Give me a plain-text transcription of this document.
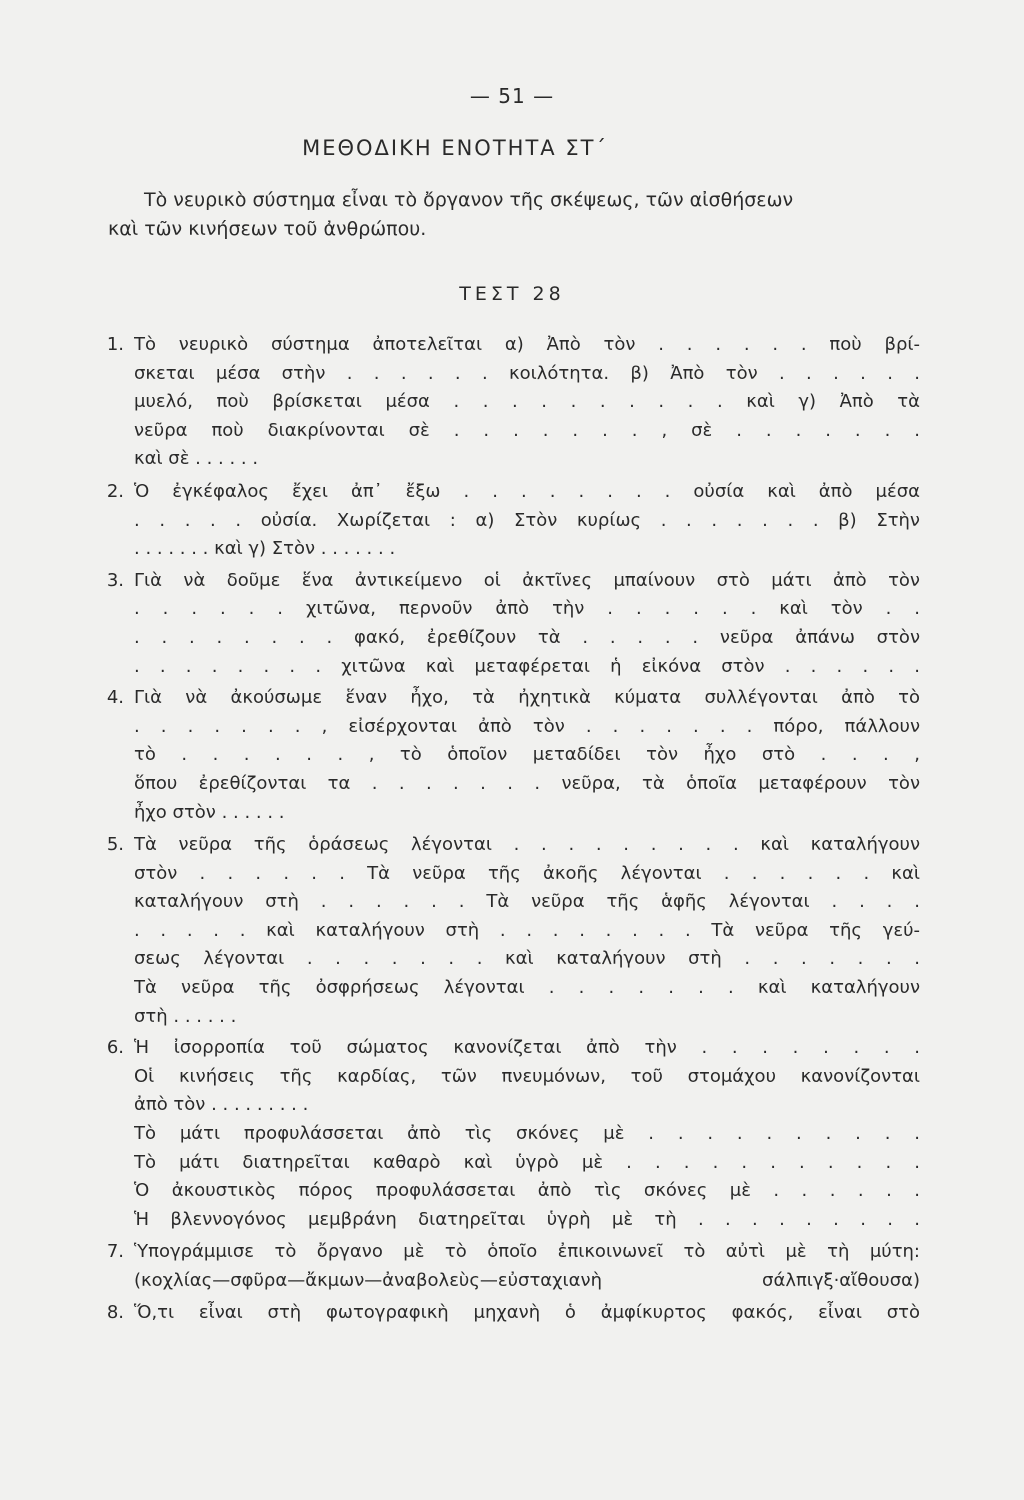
— 51 —
ΜΕΘΟΔΙΚΗ ΕΝΟΤΗΤΑ ΣΤ΄
Τὸ νευρικὸ σύστημα εἶναι τὸ ὄργανον τῆς σκέψεως, τῶν αἰσθήσεων
καὶ τῶν κινήσεων τοῦ ἀνθρώπου.
ΤΕΣΤ 28
1. Τὸ νευρικὸ σύστημα ἀποτελεῖται α) Ἀπὸ τὸν . . . . . . ποὺ βρί-
σκεται μέσα στὴν . . . . . . κοιλότητα. β) Ἀπὸ τὸν . . . . . .
μυελό, ποὺ βρίσκεται μέσα . . . . . . . . . . καὶ γ) Ἀπὸ τὰ
νεῦρα ποὺ διακρίνονται σὲ . . . . . . . , σὲ . . . . . . .
καὶ σὲ . . . . . .
2. Ὁ ἐγκέφαλος ἔχει ἀπ᾽ ἔξω . . . . . . . . οὐσία καὶ ἀπὸ μέσα
. . . . . οὐσία. Χωρίζεται : α) Στὸν κυρίως . . . . . . . β) Στὴν
. . . . . . . καὶ γ) Στὸν . . . . . . .
3. Γιὰ νὰ δοῦμε ἕνα ἀντικείμενο οἱ ἀκτῖνες μπαίνουν στὸ μάτι ἀπὸ τὸν
. . . . . . χιτῶνα, περνοῦν ἀπὸ τὴν . . . . . . καὶ τὸν . .
. . . . . . . . φακό, ἐρεθίζουν τὰ . . . . . νεῦρα ἀπάνω στὸν
. . . . . . . . χιτῶνα καὶ μεταφέρεται ἡ εἰκόνα στὸν . . . . . .
4. Γιὰ νὰ ἀκούσωμε ἕναν ἦχο, τὰ ἠχητικὰ κύματα συλλέγονται ἀπὸ τὸ
. . . . . . . , εἰσέρχονται ἀπὸ τὸν . . . . . . . πόρο, πάλλουν
τὸ . . . . . . , τὸ ὁποῖον μεταδίδει τὸν ἦχο στὸ . . . ,
ὅπου ἐρεθίζονται τα . . . . . . . νεῦρα, τὰ ὁποῖα μεταφέρουν τὸν
ἦχο στὸν . . . . . .
5. Τὰ νεῦρα τῆς ὁράσεως λέγονται . . . . . . . . . καὶ καταλήγουν
στὸν . . . . . . Τὰ νεῦρα τῆς ἀκοῆς λέγονται . . . . . . καὶ
καταλήγουν στὴ . . . . . . Τὰ νεῦρα τῆς ἁφῆς λέγονται . . . .
. . . . . καὶ καταλήγουν στὴ . . . . . . . . Τὰ νεῦρα τῆς γεύ-
σεως λέγονται . . . . . . . καὶ καταλήγουν στὴ . . . . . . .
Τὰ νεῦρα τῆς ὀσφρήσεως λέγονται . . . . . . . καὶ καταλήγουν
στὴ . . . . . .
6. Ἡ ἰσορροπία τοῦ σώματος κανονίζεται ἀπὸ τὴν . . . . . . . .
Οἱ κινήσεις τῆς καρδίας, τῶν πνευμόνων, τοῦ στομάχου κανονίζονται
ἀπὸ τὸν . . . . . . . . .
Τὸ μάτι προφυλάσσεται ἀπὸ τὶς σκόνες μὲ . . . . . . . . . .
Τὸ μάτι διατηρεῖται καθαρὸ καὶ ὑγρὸ μὲ . . . . . . . . . . .
Ὁ ἀκουστικὸς πόρος προφυλάσσεται ἀπὸ τὶς σκόνες μὲ . . . . . .
Ἡ βλεννογόνος μεμβράνη διατηρεῖται ὑγρὴ μὲ τὴ . . . . . . . . .
7. Ὑπογράμμισε τὸ ὄργανο μὲ τὸ ὁποῖο ἐπικοινωνεῖ τὸ αὐτὶ μὲ τὴ μύτη:
(κοχλίας—σφῦρα—ἄκμων—ἀναβολεὺς—εὐσταχιανὴ σάλπιγξ·αἴθουσα)
8. Ὅ,τι εἶναι στὴ φωτογραφικὴ μηχανὴ ὁ ἀμφίκυρτος φακός, εἶναι στὸ
